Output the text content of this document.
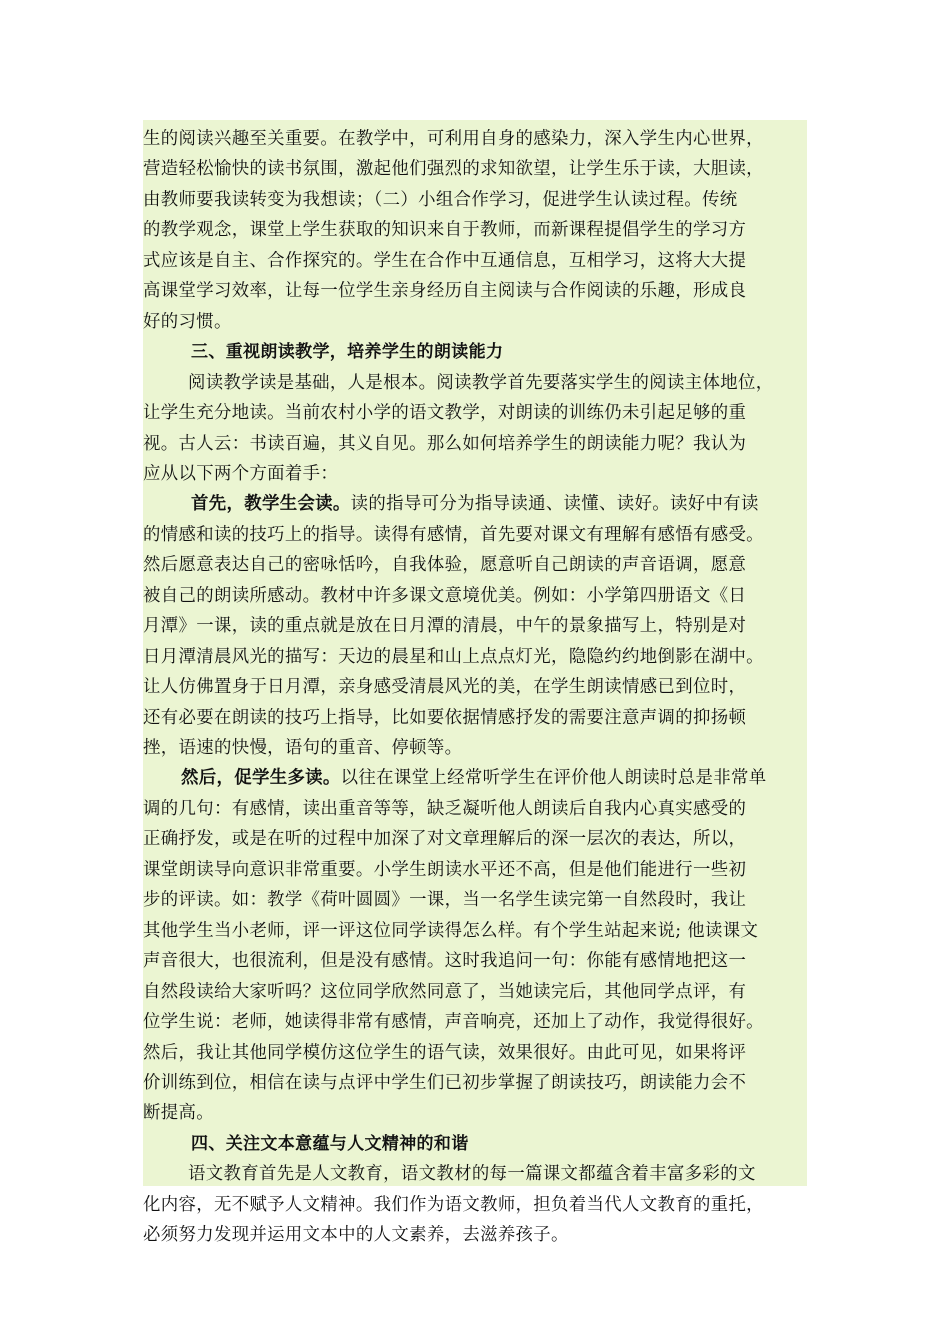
生的阅读兴趣至关重要。在教学中，可利用自身的感染力，深入学生内心世界，
营造轻松愉快的读书氛围，激起他们强烈的求知欲望，让学生乐于读，大胆读，
由教师要我读转变为我想读；（二）小组合作学习，促进学生认读过程。传统
的教学观念，课堂上学生获取的知识来自于教师，而新课程提倡学生的学习方
式应该是自主、合作探究的。学生在合作中互通信息，互相学习，这将大大提
高课堂学习效率，让每一位学生亲身经历自主阅读与合作阅读的乐趣，形成良
好的习惯。
三、重视朗读教学，培养学生的朗读能力
阅读教学读是基础，人是根本。阅读教学首先要落实学生的阅读主体地位，
让学生充分地读。当前农村小学的语文教学，对朗读的训练仍未引起足够的重
视。古人云：书读百遍，其义自见。那么如何培养学生的朗读能力呢？我认为
应从以下两个方面着手：
首先，教学生会读。读的指导可分为指导读通、读懂、读好。读好中有读
的情感和读的技巧上的指导。读得有感情，首先要对课文有理解有感悟有感受。
然后愿意表达自己的密咏恬吟，自我体验，愿意听自己朗读的声音语调，愿意
被自己的朗读所感动。教材中许多课文意境优美。例如：小学第四册语文《日
月潭》一课，读的重点就是放在日月潭的清晨，中午的景象描写上，特别是对
日月潭清晨风光的描写：天边的晨星和山上点点灯光，隐隐约约地倒影在湖中。
让人仿佛置身于日月潭，亲身感受清晨风光的美，在学生朗读情感已到位时，
还有必要在朗读的技巧上指导，比如要依据情感抒发的需要注意声调的抑扬顿
挫，语速的快慢，语句的重音、停顿等。
然后，促学生多读。以往在课堂上经常听学生在评价他人朗读时总是非常单
调的几句：有感情，读出重音等等，缺乏凝听他人朗读后自我内心真实感受的
正确抒发，或是在听的过程中加深了对文章理解后的深一层次的表达，所以，
课堂朗读导向意识非常重要。小学生朗读水平还不高，但是他们能进行一些初
步的评读。如：教学《荷叶圆圆》一课，当一名学生读完第一自然段时，我让
其他学生当小老师，评一评这位同学读得怎么样。有个学生站起来说; 他读课文
声音很大，也很流利，但是没有感情。这时我追问一句：你能有感情地把这一
自然段读给大家听吗？这位同学欣然同意了，当她读完后，其他同学点评，有
位学生说：老师，她读得非常有感情，声音响亮，还加上了动作，我觉得很好。
然后，我让其他同学模仿这位学生的语气读，效果很好。由此可见，如果将评
价训练到位，相信在读与点评中学生们已初步掌握了朗读技巧，朗读能力会不
断提高。
四、关注文本意蕴与人文精神的和谐
语文教育首先是人文教育，语文教材的每一篇课文都蕴含着丰富多彩的文
化内容，无不赋予人文精神。我们作为语文教师，担负着当代人文教育的重托，
必须努力发现并运用文本中的人文素养，去滋养孩子。
